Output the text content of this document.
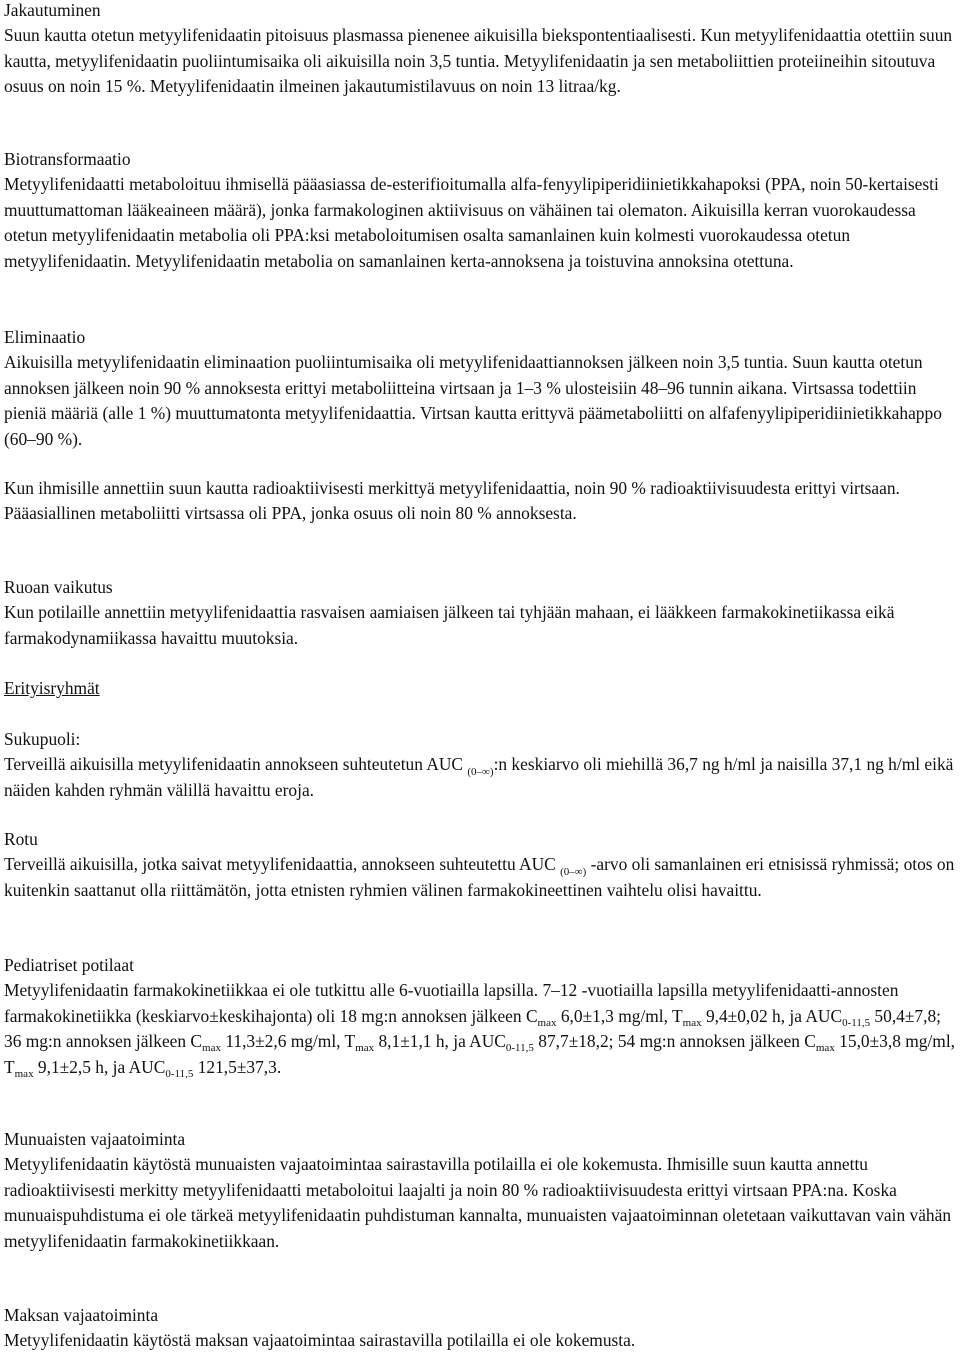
Jakautuminen
Suun kautta otetun metyylifenidaatin pitoisuus plasmassa pienenee aikuisilla biekspontentiaalisesti. Kun metyylifenidaattia otettiin suun kautta, metyylifenidaatin puoliintumisaika oli aikuisilla noin 3,5 tuntia. Metyylifenidaatin ja sen metaboliittien proteiineihin sitoutuva osuus on noin 15 %. Metyylifenidaatin ilmeinen jakautumistilavuus on noin 13 litraa/kg.
Biotransformaatio
Metyylifenidaatti metaboloituu ihmisellä pääasiassa de-esterifioitumalla alfa-fenyylipiperidiinietikkahapoksi (PPA, noin 50-kertaisesti muuttumattoman lääkeaineen määrä), jonka farmakologinen aktiivisuus on vähäinen tai olematon. Aikuisilla kerran vuorokaudessa otetun metyylifenidaatin metabolia oli PPA:ksi metaboloitumisen osalta samanlainen kuin kolmesti vuorokaudessa otetun metyylifenidaatin. Metyylifenidaatin metabolia on samanlainen kerta-annoksena ja toistuvina annoksina otettuna.
Eliminaatio
Aikuisilla metyylifenidaatin eliminaation puoliintumisaika oli metyylifenidaattiannoksen jälkeen noin 3,5 tuntia. Suun kautta otetun annoksen jälkeen noin 90 % annoksesta erittyi metaboliitteina virtsaan ja 1–3 % ulosteisiin 48–96 tunnin aikana. Virtsassa todettiin pieniä määriä (alle 1 %) muuttumatonta metyylifenidaattia. Virtsan kautta erittyvä päämetaboliitti on alfafenyylipiperidiinietikkahappo (60–90 %).
Kun ihmisille annettiin suun kautta radioaktiivisesti merkittyä metyylifenidaattia, noin 90 % radioaktiivisuudesta erittyi virtsaan. Pääasiallinen metaboliitti virtsassa oli PPA, jonka osuus oli noin 80 % annoksesta.
Ruoan vaikutus
Kun potilaille annettiin metyylifenidaattia rasvaisen aamiaisen jälkeen tai tyhjään mahaan, ei lääkkeen farmakokinetiikassa eikä farmakodynamiikassa havaittu muutoksia.
Erityisryhmät
Sukupuoli:
Terveillä aikuisilla metyylifenidaatin annokseen suhteutetun AUC $_{(0-\infty)}$:n keskiarvo oli miehillä 36,7 ng h/ml ja naisilla 37,1 ng h/ml eikä näiden kahden ryhmän välillä havaittu eroja.
Rotu
Terveillä aikuisilla, jotka saivat metyylifenidaattia, annokseen suhteutettu AUC $_{(0-\infty)}$ -arvo oli samanlainen eri etnisissä ryhmissä; otos on kuitenkin saattanut olla riittämätön, jotta etnisten ryhmien välinen farmakokineettinen vaihtelu olisi havaittu.
Pediatriset potilaat
Metyylifenidaatin farmakokinetiikkaa ei ole tutkittu alle 6-vuotiailla lapsilla. 7–12 -vuotiailla lapsilla metyylifenidaatti-annosten farmakokinetiikka (keskiarvo±keskihajonta) oli 18 mg:n annoksen jälkeen $C_{max}$ 6,0±1,3 mg/ml, $T_{max}$ 9,4±0,02 h, ja $AUC_{0-11,5}$ 50,4±7,8; 36 mg:n annoksen jälkeen $C_{max}$ 11,3±2,6 mg/ml, $T_{max}$ 8,1±1,1 h, ja $AUC_{0-11,5}$ 87,7±18,2; 54 mg:n annoksen jälkeen $C_{max}$ 15,0±3,8 mg/ml, $T_{max}$ 9,1±2,5 h, ja $AUC_{0-11,5}$ 121,5±37,3.
Munuaisten vajaatoiminta
Metyylifenidaatin käytöstä munuaisten vajaatoimintaa sairastavilla potilailla ei ole kokemusta. Ihmisille suun kautta annettu radioaktiivisesti merkitty metyylifenidaatti metaboloitui laajalti ja noin 80 % radioaktiivisuudesta erittyi virtsaan PPA:na. Koska munuaispuhdistuma ei ole tärkeä metyylifenidaatin puhdistuman kannalta, munuaisten vajaatoiminnan oletetaan vaikuttavan vain vähän metyylifenidaatin farmakokinetiikkaan.
Maksan vajaatoiminta
Metyylifenidaatin käytöstä maksan vajaatoimintaa sairastavilla potilailla ei ole kokemusta.
